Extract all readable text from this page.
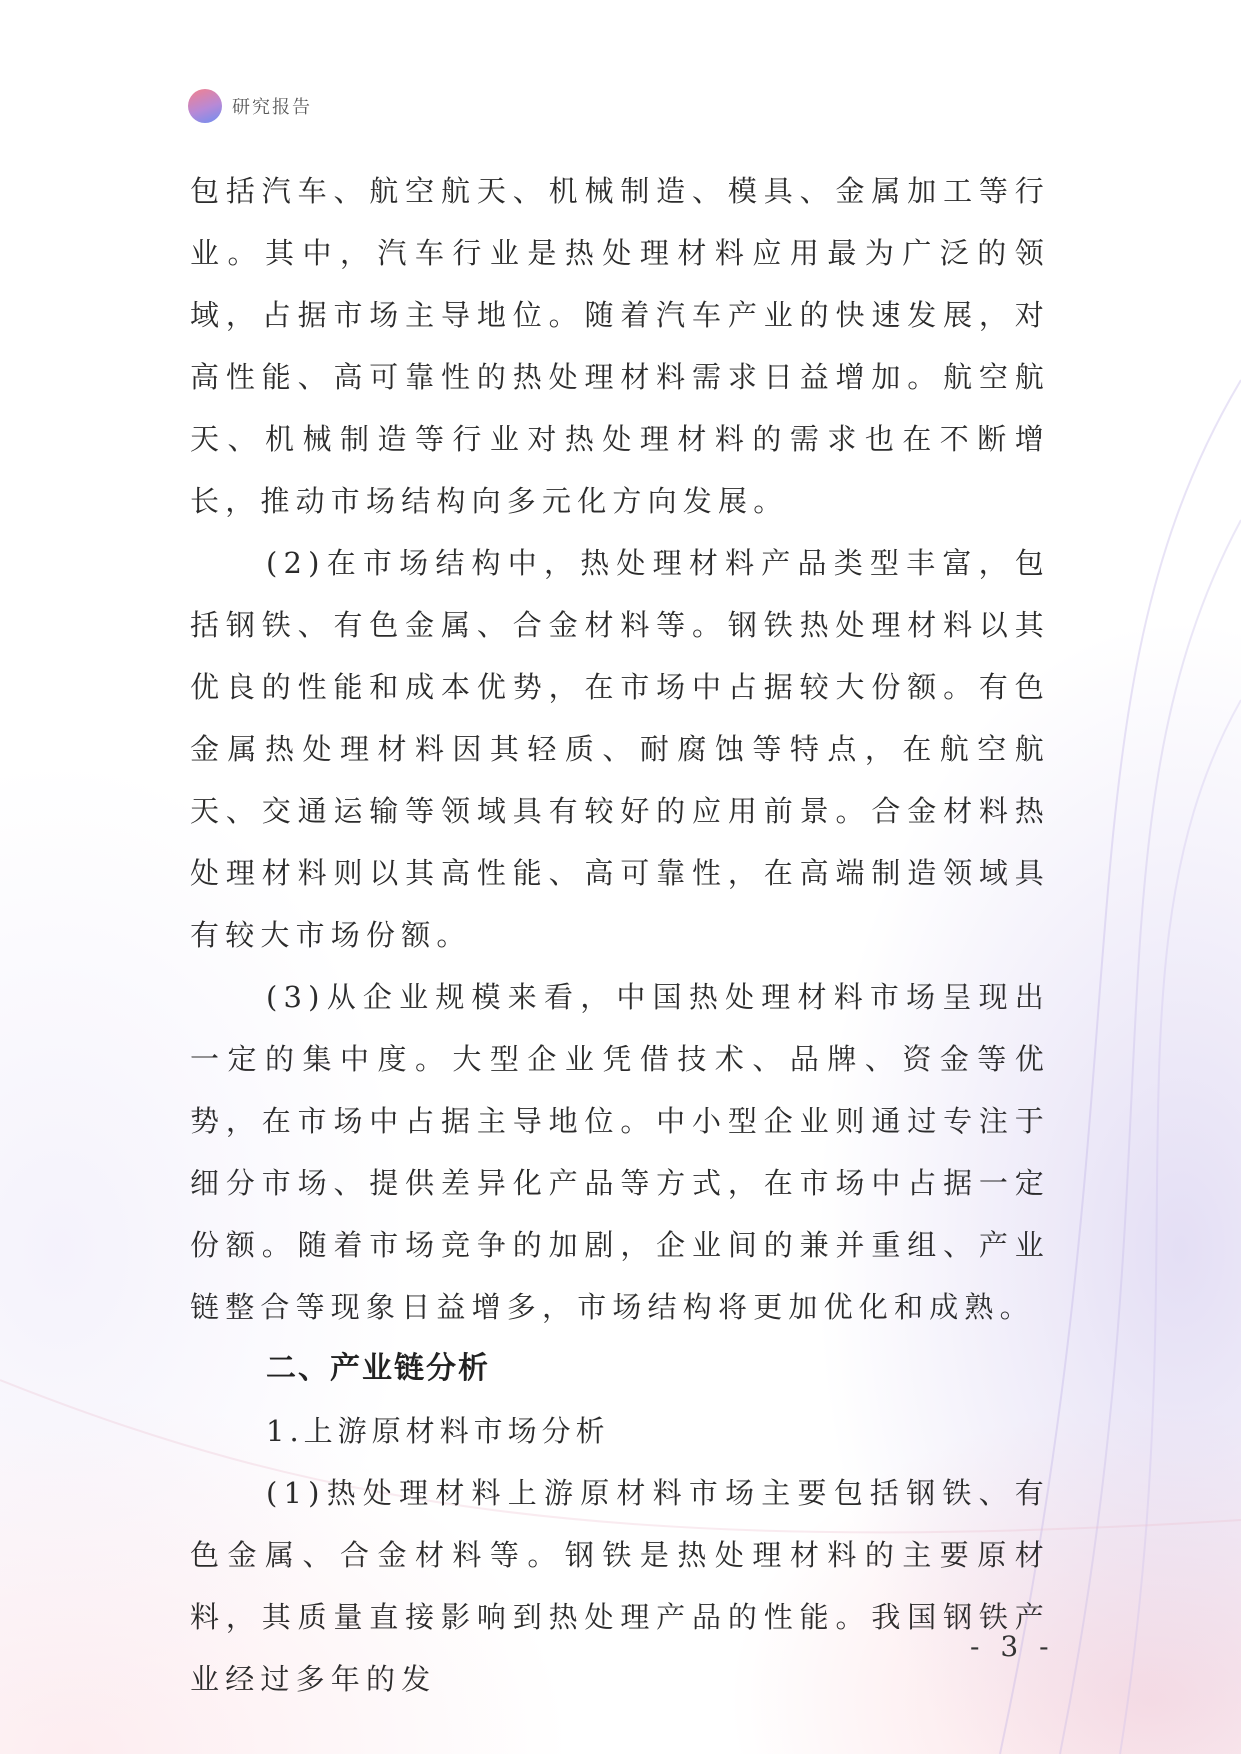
研究报告

包括汽车、航空航天、机械制造、模具、金属加工等行业。其中，汽车行业是热处理材料应用最为广泛的领域，占据市场主导地位。随着汽车产业的快速发展，对高性能、高可靠性的热处理材料需求日益增加。航空航天、机械制造等行业对热处理材料的需求也在不断增长，推动市场结构向多元化方向发展。

(2)在市场结构中，热处理材料产品类型丰富，包括钢铁、有色金属、合金材料等。钢铁热处理材料以其优良的性能和成本优势，在市场中占据较大份额。有色金属热处理材料因其轻质、耐腐蚀等特点，在航空航天、交通运输等领域具有较好的应用前景。合金材料热处理材料则以其高性能、高可靠性，在高端制造领域具有较大市场份额。

(3)从企业规模来看，中国热处理材料市场呈现出一定的集中度。大型企业凭借技术、品牌、资金等优势，在市场中占据主导地位。中小型企业则通过专注于细分市场、提供差异化产品等方式，在市场中占据一定份额。随着市场竞争的加剧，企业间的兼并重组、产业链整合等现象日益增多，市场结构将更加优化和成熟。

二、产业链分析

1.上游原材料市场分析

(1)热处理材料上游原材料市场主要包括钢铁、有色金属、合金材料等。钢铁是热处理材料的主要原材料，其质量直接影响到热处理产品的性能。我国钢铁产业经过多年的发

- 3 -
